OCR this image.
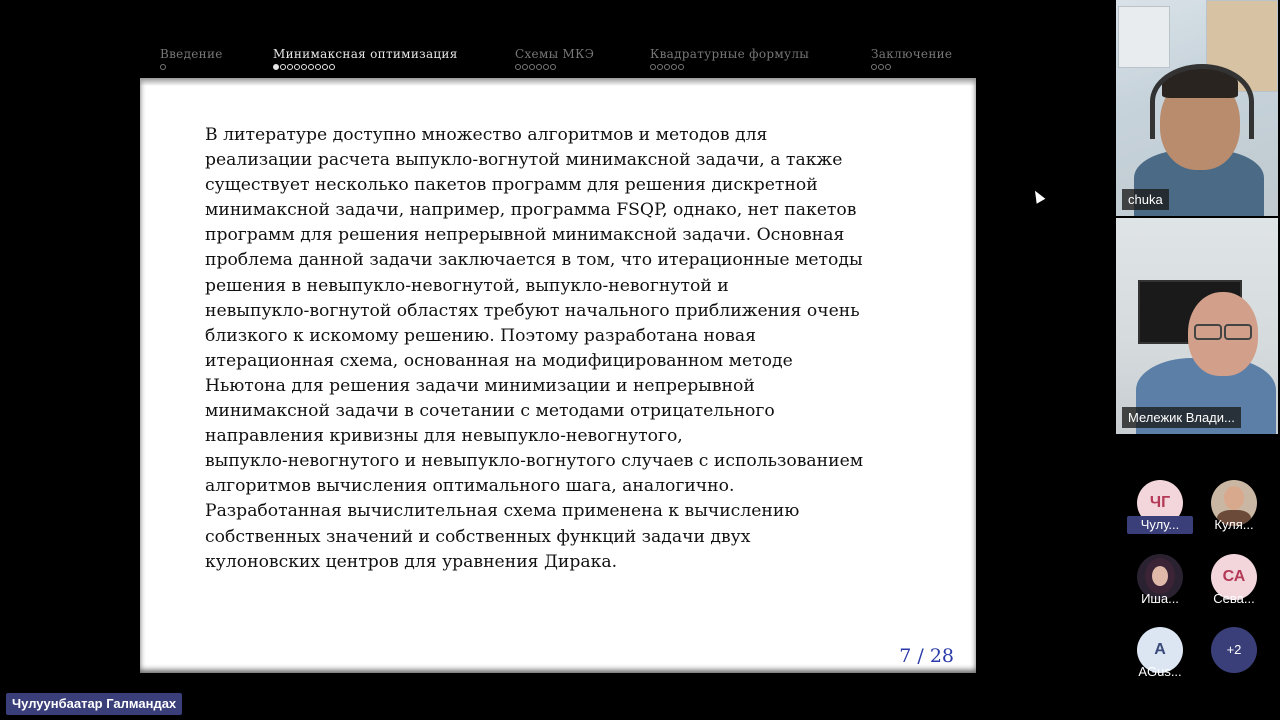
Введение	Минимаксная оптимизация	Схемы МКЭ	Квадратурные формулы	Заключение
В литературе доступно множество алгоритмов и методов для
реализации расчета выпукло-вогнутой минимаксной задачи, а также
существует несколько пакетов программ для решения дискретной
минимаксной задачи, например, программа FSQP, однако, нет пакетов
программ для решения непрерывной минимаксной задачи. Основная
проблема данной задачи заключается в том, что итерационные методы
решения в невыпукло-невогнутой, выпукло-невогнутой и
невыпукло-вогнутой областях требуют начального приближения очень
близкого к искомому решению. Поэтому разработана новая
итерационная схема, основанная на модифицированном методе
Ньютона для решения задачи минимизации и непрерывной
минимаксной задачи в сочетании с методами отрицательного
направления кривизны для невыпукло-невогнутого,
выпукло-невогнутого и невыпукло-вогнутого случаев с использованием
алгоритмов вычисления оптимального шага, аналогично.
Разработанная вычислительная схема применена к вычислению
собственных значений и собственных функций задачи двух
кулоновских центров для уравнения Дирака.
7 / 28
Чулуунбаатар Галмандах
chuka
Мележик Влади...
ЧГ
Чулу...	Куля...
Иша...
СА
Сева...
A
AGus...
+2
